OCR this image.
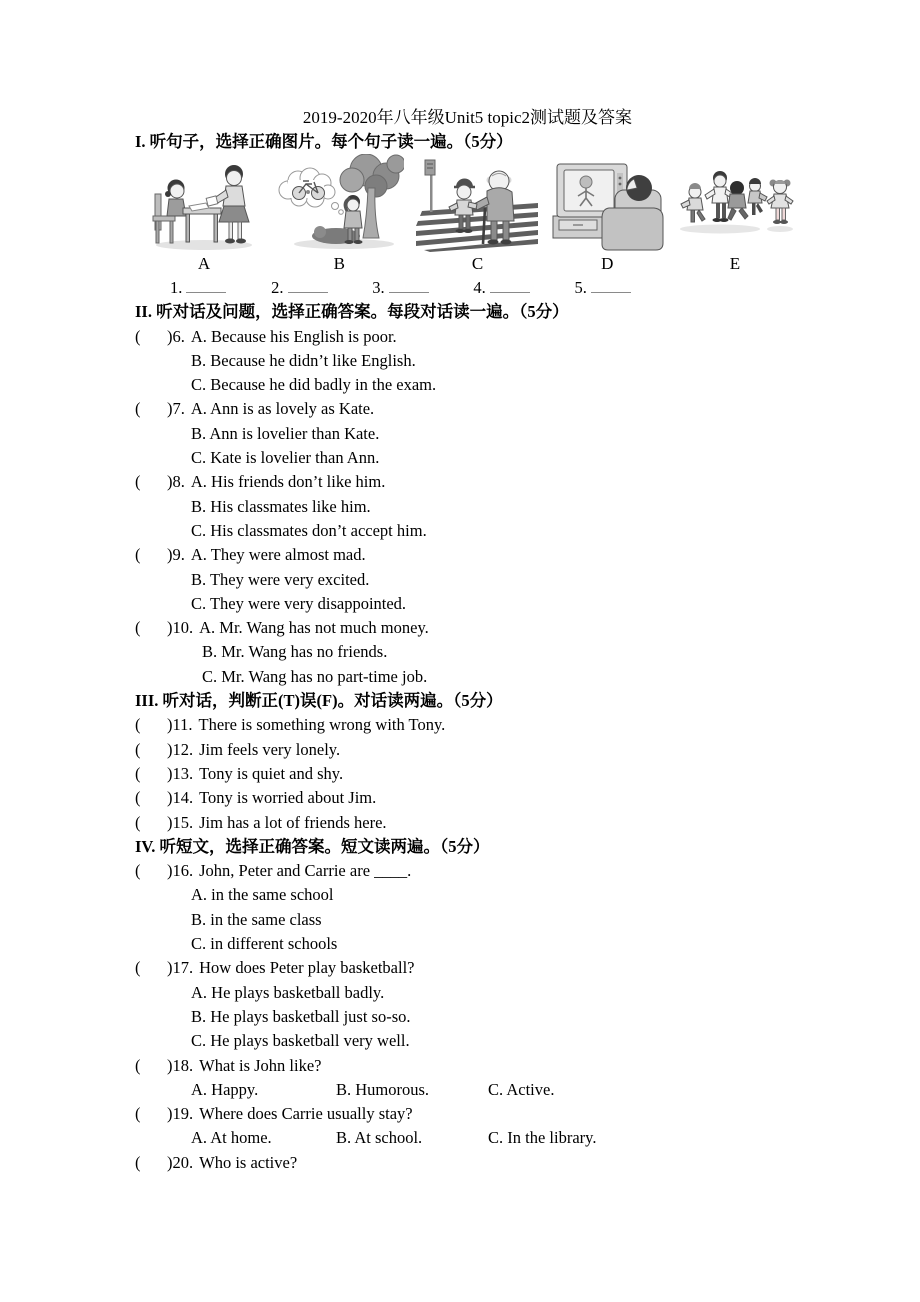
2019-2020年八年级Unit5 topic2测试题及答案

I. 听句子，选择正确图片。每个句子读一遍。（5分）

A	B	C	D	E
1.	2.	3.	4.	5.

II. 听对话及问题，选择正确答案。每段对话读一遍。（5分）

( )6. A. Because his English is poor.

B. Because he didn’t like English.

C. Because he did badly in the exam.

( )7. A. Ann is as lovely as Kate.

B. Ann is lovelier than Kate.

C. Kate is lovelier than Ann.

( )8. A. His friends don’t like him.

B. His classmates like him.

C. His classmates don’t accept him.

( )9. A. They were almost mad.

B. They were very excited.

C. They were very disappointed.

( )10. A. Mr. Wang has not much money.

B. Mr. Wang has no friends.

C. Mr. Wang has no part-time job.

III. 听对话，判断正(T)误(F)。对话读两遍。（5分）

( )11. There is something wrong with Tony.

( )12. Jim feels very lonely.

( )13. Tony is quiet and shy.

( )14. Tony is worried about Jim.

( )15. Jim has a lot of friends here.

IV. 听短文，选择正确答案。短文读两遍。（5分）

( )16. John, Peter and Carrie are ____.

A. in the same school

B. in the same class

C. in different schools

( )17. How does Peter play basketball?

A. He plays basketball badly.

B. He plays basketball just so-so.

C. He plays basketball very well.

( )18. What is John like?

A. Happy.	B. Humorous.	C. Active.

( )19. Where does Carrie usually stay?

A. At home.	B. At school.	C. In the library.

( )20. Who is active?
